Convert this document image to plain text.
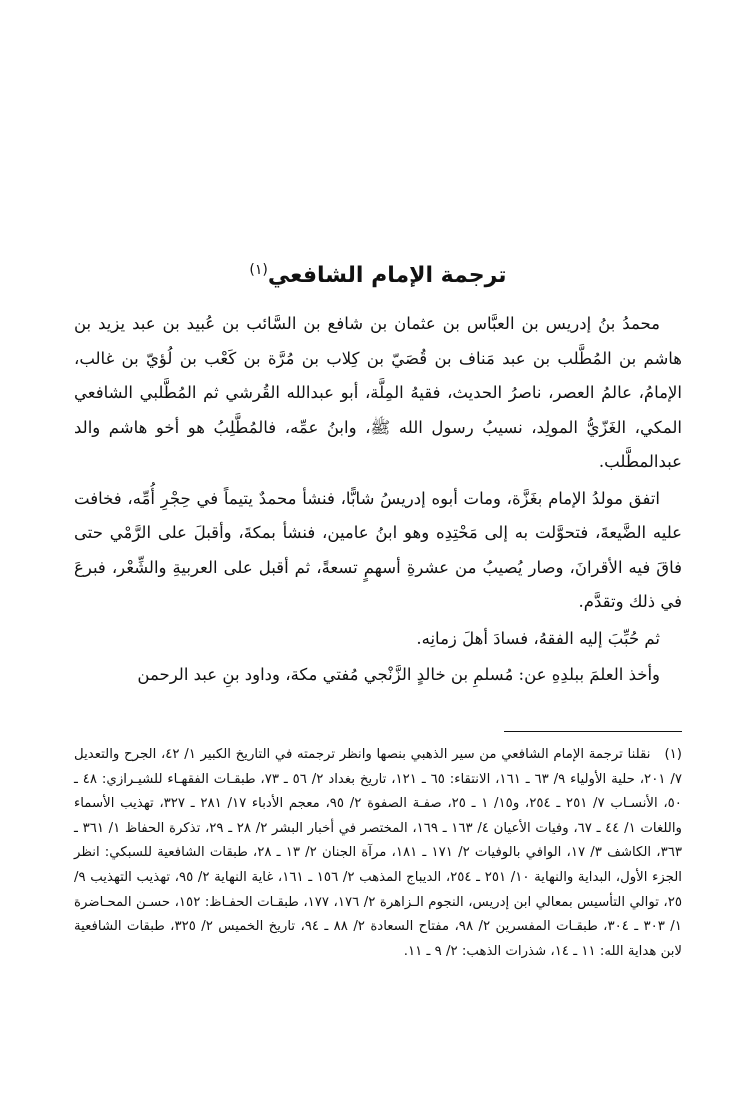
ترجمة الإمام الشافعي$^{(١)}$

محمدُ بنُ إدريس بن العبَّاس بن عثمان بن شافع بن السَّائب بن عُبيد بن عبد يزيد بن هاشم بن المُطَّلب بن عبد مَناف بن قُصَيّ بن كِلاب بن مُرَّة بن كَعْب بن لُؤيّ بن غالب، الإمامُ، عالمُ العصر، ناصرُ الحديث، فقيهُ المِلَّة، أبو عبدالله القُرشي ثم المُطَّلبي الشافعي المكي، الغَزّيُّ المولِد، نسيبُ رسول الله ﷺ، وابنُ عمِّه، فالمُطَّلِبُ هو أخو هاشم والد عبدالمطَّلب.

اتفق مولدُ الإمام بغَزَّة، ومات أبوه إدريسُ شابًّا، فنشأ محمدٌ يتيماً في حِجْرِ أُمِّه، فخافت عليه الضَّيعةَ، فتحوَّلت به إلى مَحْتِدِه وهو ابنُ عامين، فنشأ بمكةَ، وأقبلَ على الرَّمْي حتى فاقَ فيه الأقرانَ، وصار يُصيبُ من عشرةِ أسهمٍ تسعةً، ثم أقبل على العربيةِ والشِّعْر، فبرعَ في ذلك وتقدَّم.

ثم حُبِّبَ إليه الفقهُ، فسادَ أهلَ زمانِه.

وأخذ العلمَ ببلدِهِ عن: مُسلمِ بن خالدٍ الزَّنْجي مُفتي مكة، وداود بنِ عبد الرحمن

(١)نقلنا ترجمة الإمام الشافعي من سير الذهبي بنصها وانظر ترجمته في التاريخ الكبير ١/ ٤٢، الجرح والتعديل ٧/ ٢٠١، حلية الأولياء ٩/ ٦٣ ـ ١٦١، الانتقاء: ٦٥ ـ ١٢١، تاريخ بغداد ٢/ ٥٦ ـ ٧٣، طبقـات الفقهـاء للشيـرازي: ٤٨ ـ ٥٠، الأنسـاب ٧/ ٢٥١ ـ ٢٥٤، و١٥/ ١ ـ ٢٥، صفـة الصفوة ٢/ ٩٥، معجم الأدباء ١٧/ ٢٨١ ـ ٣٢٧، تهذيب الأسماء واللغات ١/ ٤٤ ـ ٦٧، وفيات الأعيان ٤/ ١٦٣ ـ ١٦٩، المختصر في أخبار البشر ٢/ ٢٨ ـ ٢٩، تذكرة الحفاظ ١/ ٣٦١ ـ ٣٦٣، الكاشف ٣/ ١٧، الوافي بالوفيات ٢/ ١٧١ ـ ١٨١، مرآة الجنان ٢/ ١٣ ـ ٢٨، طبقات الشافعية للسبكي: انظر الجزء الأول، البداية والنهاية ١٠/ ٢٥١ ـ ٢٥٤، الديباج المذهب ٢/ ١٥٦ ـ ١٦١، غاية النهاية ٢/ ٩٥، تهذيب التهذيب ٩/ ٢٥، توالي التأسيس بمعالي ابن إدريس، النجوم الـزاهرة ٢/ ١٧٦، ١٧٧، طبقـات الحفـاظ: ١٥٢، حسـن المحـاضرة ١/ ٣٠٣ ـ ٣٠٤، طبقـات المفسرين ٢/ ٩٨، مفتاح السعادة ٢/ ٨٨ ـ ٩٤، تاريخ الخميس ٢/ ٣٢٥، طبقات الشافعية لابن هداية الله: ١١ ـ ١٤، شذرات الذهب: ٢/ ٩ ـ ١١.
